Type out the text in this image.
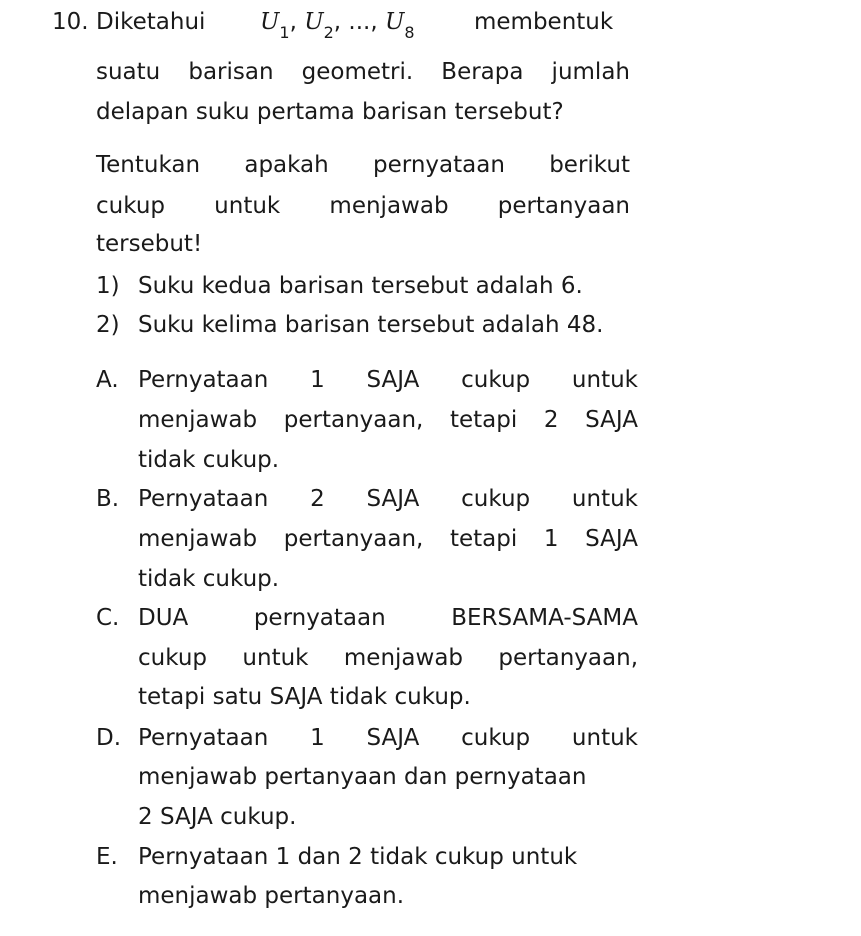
10. Diketahui $U_1$, $U_2$, ..., $U_8$	membentuk
suatu barisan geometri. Berapa jumlah
delapan suku pertama barisan tersebut?
Tentukan apakah pernyataan berikut
cukup untuk menjawab pertanyaan
tersebut!
1) Suku kedua barisan tersebut adalah 6.
2) Suku kelima barisan tersebut adalah 48.
A. Pernyataan 1 SAJA cukup untuk
menjawab pertanyaan, tetapi 2 SAJA
tidak cukup.
B. Pernyataan 2 SAJA cukup untuk
menjawab pertanyaan, tetapi 1 SAJA
tidak cukup.
C. DUA pernyataan BERSAMA-SAMA
cukup untuk menjawab pertanyaan,
tetapi satu SAJA tidak cukup.
D. Pernyataan 1 SAJA cukup untuk
menjawab pertanyaan dan pernyataan
2 SAJA cukup.
E. Pernyataan 1 dan 2 tidak cukup untuk
menjawab pertanyaan.
